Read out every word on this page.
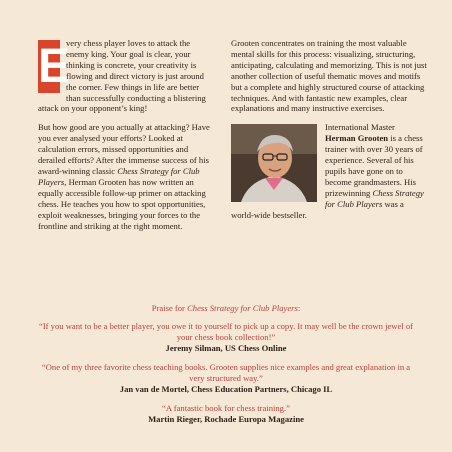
E
very chess player loves to attack the enemy king. Your goal is clear, your thinking is concrete, your creativity is flowing and direct victory is just around the corner. Few things in life are better than successfully conducting a blistering attack on your opponent’s king!

But how good are you actually at attacking? Have you ever analysed your efforts? Looked at calculation errors, missed opportunities and derailed efforts? After the immense success of his award-winning classic Chess Strategy for Club Players, Herman Grooten has now written an equally accessible follow-up primer on attacking chess. He teaches you how to spot opportunities, exploit weaknesses, bringing your forces to the frontline and striking at the right moment.

Grooten concentrates on training the most valuable mental skills for this process: visualizing, structuring, anticipating, calculating and memorizing. This is not just another collection of useful thematic moves and motifs but a complete and highly structured course of attacking techniques. And with fantastic new examples, clear explanations and many instructive exercises.

International Master Herman Grooten is a chess trainer with over 30 years of experience. Several of his pupils have gone on to become grandmasters. His prizewinning Chess Strategy for Club Players was a world-wide bestseller.

Praise for Chess Strategy for Club Players:
“If you want to be a better player, you owe it to yourself to pick up a copy. It may well be the crown jewel of your chess book collection!”
Jeremy Silman, US Chess Online
“One of my three favorite chess teaching books. Grooten supplies nice examples and great explanation in a very structured way.”
Jan van de Mortel, Chess Education Partners, Chicago IL
“A fantastic book for chess training.”
Martin Rieger, Rochade Europa Magazine
